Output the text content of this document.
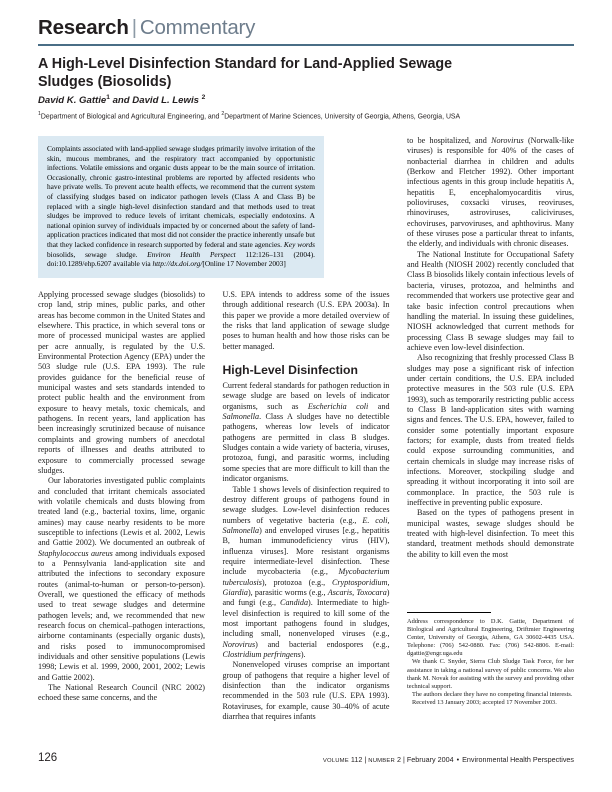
Research | Commentary
A High-Level Disinfection Standard for Land-Applied Sewage Sludges (Biosolids)
David K. Gattie$^1$ and David L. Lewis $^2$
$^1$Department of Biological and Agricultural Engineering, and $^2$Department of Marine Sciences, University of Georgia, Athens, Georgia, USA
Complaints associated with land-applied sewage sludges primarily involve irritation of the skin, mucous membranes, and the respiratory tract accompanied by opportunistic infections. Volatile emissions and organic dusts appear to be the main source of irritation. Occasionally, chronic gastro-intestinal problems are reported by affected residents who have private wells. To prevent acute health effects, we recommend that the current system of classifying sludges based on indicator pathogen levels (Class A and Class B) be replaced with a single high-level disinfection standard and that methods used to treat sludges be improved to reduce levels of irritant chemicals, especially endotoxins. A national opinion survey of individuals impacted by or concerned about the safety of land-application practices indicated that most did not consider the practice inherently unsafe but that they lacked confidence in research supported by federal and state agencies. Key words biosolids, sewage sludge. Environ Health Perspect 112:126–131 (2004). doi:10.1289/ehp.6207 available via http://dx.doi.org/[Online 17 November 2003]

Applying processed sewage sludges (biosolids) to crop land, strip mines, public parks, and other areas has become common in the United States and elsewhere. This practice, in which several tons or more of processed municipal wastes are applied per acre annually, is regulated by the U.S. Environmental Protection Agency (EPA) under the 503 sludge rule (U.S. EPA 1993). The rule provides guidance for the beneficial reuse of municipal wastes and sets standards intended to protect public health and the environment from exposure to heavy metals, toxic chemicals, and pathogens. In recent years, land application has been increasingly scrutinized because of nuisance complaints and growing numbers of anecdotal reports of illnesses and deaths attributed to exposure to commercially processed sewage sludges.

Our laboratories investigated public complaints and concluded that irritant chemicals associated with volatile chemicals and dusts blowing from treated land (e.g., bacterial toxins, lime, organic amines) may cause nearby residents to be more susceptible to infections (Lewis et al. 2002, Lewis and Gattie 2002). We documented an outbreak of Staphylococcus aureus among individuals exposed to a Pennsylvania land-application site and attributed the infections to secondary exposure routes (animal-to-human or person-to-person). Overall, we questioned the efficacy of methods used to treat sewage sludges and determine pathogen levels; and, we recommended that new research focus on chemical–pathogen interactions, airborne contaminants (especially organic dusts), and risks posed to immunocompromised individuals and other sensitive populations (Lewis 1998; Lewis et al. 1999, 2000, 2001, 2002; Lewis and Gattie 2002).

The National Research Council (NRC 2002) echoed these same concerns, and the

U.S. EPA intends to address some of the issues through additional research (U.S. EPA 2003a). In this paper we provide a more detailed overview of the risks that land application of sewage sludge poses to human health and how those risks can be better managed.

High-Level Disinfection

Current federal standards for pathogen reduction in sewage sludge are based on levels of indicator organisms, such as Escherichia coli and Salmonella. Class A sludges have no detectible pathogens, whereas low levels of indicator pathogens are permitted in class B sludges. Sludges contain a wide variety of bacteria, viruses, protozoa, fungi, and parasitic worms, including some species that are more difficult to kill than the indicator organisms.

Table 1 shows levels of disinfection required to destroy different groups of pathogens found in sewage sludges. Low-level disinfection reduces numbers of vegetative bacteria (e.g., E. coli, Salmonella) and enveloped viruses [e.g., hepatitis B, human immunodeficiency virus (HIV), influenza viruses]. More resistant organisms require intermediate-level disinfection. These include mycobacteria (e.g., Mycobacterium tuberculosis), protozoa (e.g., Cryptosporidium, Giardia), parasitic worms (e.g., Ascaris, Toxocara) and fungi (e.g., Candida). Intermediate to high-level disinfection is required to kill some of the most important pathogens found in sludges, including small, nonenveloped viruses (e.g., Norovirus) and bacterial endospores (e.g., Clostridium perfringens).

Nonenveloped viruses comprise an important group of pathogens that require a higher level of disinfection than the indicator organisms recommended in the 503 rule (U.S. EPA 1993). Rotaviruses, for example, cause 30–40% of acute diarrhea that requires infants

to be hospitalized, and Norovirus (Norwalk-like viruses) is responsible for 40% of the cases of nonbacterial diarrhea in children and adults (Berkow and Fletcher 1992). Other important infectious agents in this group include hepatitis A, hepatitis E, encephalomyocarditis virus, polioviruses, coxsacki viruses, reoviruses, rhinoviruses, astroviruses, caliciviruses, echoviruses, parvoviruses, and aphthovirus. Many of these viruses pose a particular threat to infants, the elderly, and individuals with chronic diseases.

The National Institute for Occupational Safety and Health (NIOSH 2002) recently concluded that Class B biosolids likely contain infectious levels of bacteria, viruses, protozoa, and helminths and recommended that workers use protective gear and take basic infection control precautions when handling the material. In issuing these guidelines, NIOSH acknowledged that current methods for processing Class B sewage sludges may fail to achieve even low-level disinfection.

Also recognizing that freshly processed Class B sludges may pose a significant risk of infection under certain conditions, the U.S. EPA included protective measures in the 503 rule (U.S. EPA 1993), such as temporarily restricting public access to Class B land-application sites with warning signs and fences. The U.S. EPA, however, failed to consider some potentially important exposure factors; for example, dusts from treated fields could expose surrounding communities, and certain chemicals in sludge may increase risks of infections. Moreover, stockpiling sludge and spreading it without incorporating it into soil are commonplace. In practice, the 503 rule is ineffective in preventing public exposure.

Based on the types of pathogens present in municipal wastes, sewage sludges should be treated with high-level disinfection. To meet this standard, treatment methods should demonstrate the ability to kill even the most

Address correspondence to D.K. Gattie, Department of Biological and Agricultural Engineering, Driftmier Engineering Center, University of Georgia, Athens, GA 30602-4435 USA. Telephone: (706) 542-0880. Fax: (706) 542-8806. E-mail: dgattie@engr.uga.edu

We thank C. Snyder, Sierra Club Sludge Task Force, for her assistance in taking a national survey of public concerns. We also thank M. Novak for assisting with the survey and providing other technical support.

The authors declare they have no competing financial interests.

Received 13 January 2003; accepted 17 November 2003.

126	VOLUME 112 | NUMBER 2 | February 2004 • Environmental Health Perspectives
